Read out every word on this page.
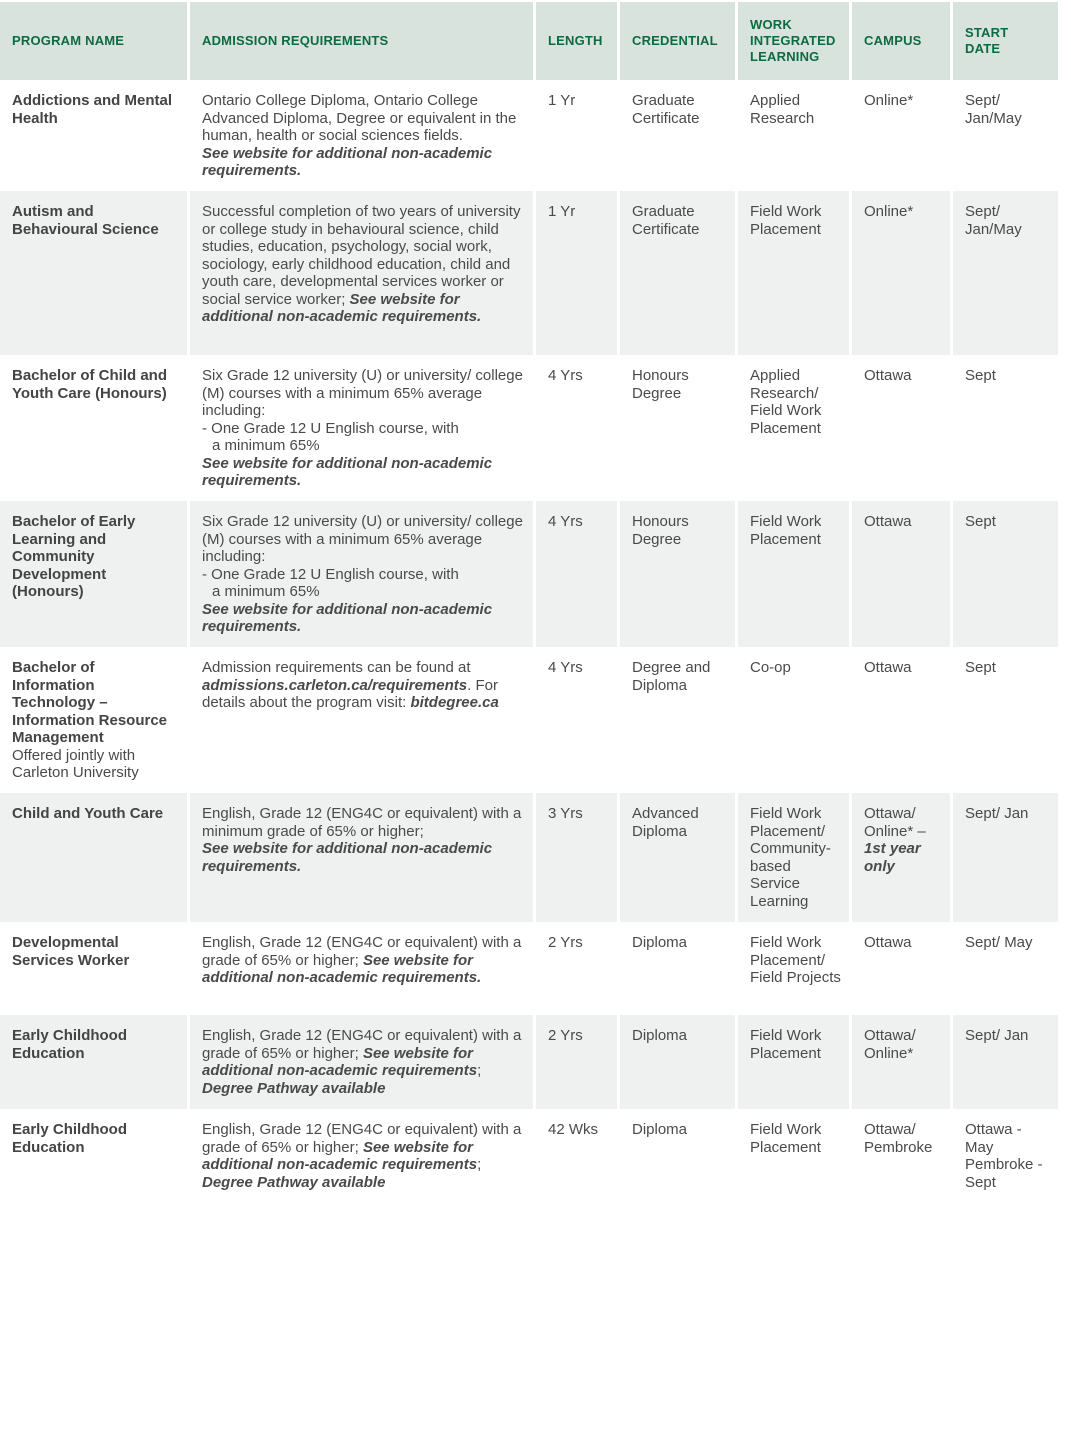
PROGRAM NAME	ADMISSION REQUIREMENTS	LENGTH	CREDENTIAL	WORK
INTEGRATED
LEARNING	CAMPUS	START
DATE

Addictions and Mental Health	Ontario College Diploma, Ontario College Advanced Diploma, Degree or equivalent in the human, health or social sciences fields.
See website for additional non-academic requirements.	1 Yr	Graduate Certificate	Applied Research	Online*	Sept/ Jan/May

Autism and Behavioural Science	Successful completion of two years of university or college study in behavioural science, child studies, education, psychology, social work, sociology, early childhood education, child and youth care, developmental services worker or social service worker; See website for additional non-academic requirements.	1 Yr	Graduate Certificate	Field Work Placement	Online*	Sept/ Jan/May

Bachelor of Child and Youth Care (Honours)	Six Grade 12 university (U) or university/ college (M) courses with a minimum 65% average including:
- One Grade 12 U English course, with
a minimum 65%
See website for additional non-academic requirements.	4 Yrs	Honours Degree	Applied Research/ Field Work Placement	Ottawa	Sept

Bachelor of Early Learning and Community Development (Honours)	Six Grade 12 university (U) or university/ college (M) courses with a minimum 65% average including:
- One Grade 12 U English course, with
a minimum 65%
See website for additional non-academic requirements.	4 Yrs	Honours Degree	Field Work Placement	Ottawa	Sept

Bachelor of Information Technology – Information Resource Management
Offered jointly with Carleton University	Admission requirements can be found at admissions.carleton.ca/requirements. For details about the program visit: bitdegree.ca	4 Yrs	Degree and Diploma	Co-op	Ottawa	Sept

Child and Youth Care	English, Grade 12 (ENG4C or equivalent) with a minimum grade of 65% or higher;
See website for additional non-academic requirements.	3 Yrs	Advanced Diploma	Field Work Placement/ Community-based Service Learning	Ottawa/ Online* –
1st year only	Sept/ Jan

Developmental Services Worker	English, Grade 12 (ENG4C or equivalent) with a grade of 65% or higher; See website for additional non-academic requirements.	2 Yrs	Diploma	Field Work Placement/ Field Projects	Ottawa	Sept/ May

Early Childhood Education	English, Grade 12 (ENG4C or equivalent) with a grade of 65% or higher; See website for additional non-academic requirements;
Degree Pathway available	2 Yrs	Diploma	Field Work Placement	Ottawa/ Online*	Sept/ Jan

Early Childhood Education	English, Grade 12 (ENG4C or equivalent) with a grade of 65% or higher; See website for additional non-academic requirements;
Degree Pathway available	42 Wks	Diploma	Field Work Placement	Ottawa/ Pembroke	Ottawa - May Pembroke - Sept
